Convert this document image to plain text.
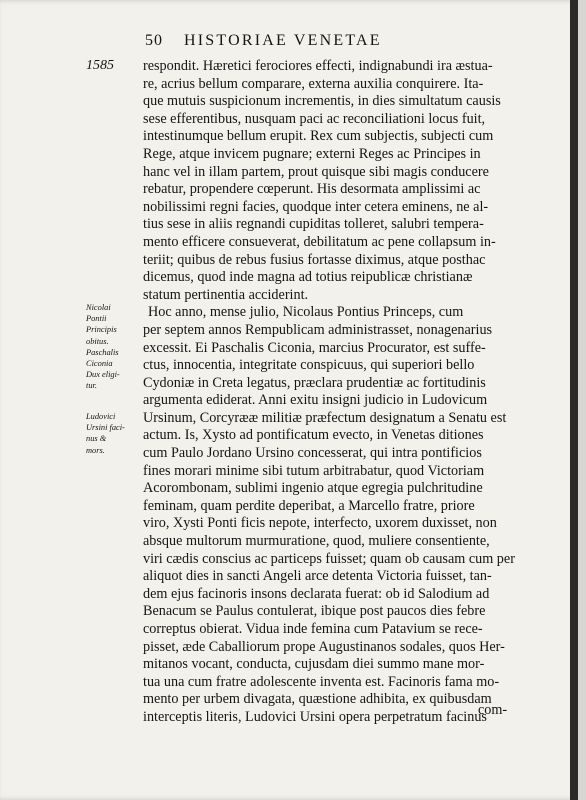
50 HISTORIAE VENETAE
1585 respondit. Hæretici ferociores effecti, indignabundi ira æstua-
re, acrius bellum comparare, externa auxilia conquirere. Ita-
que mutuis suspicionum incrementis, in dies simultatum causis
sese efferentibus, nusquam paci ac reconciliationi locus fuit,
intestinumque bellum erupit. Rex cum subjectis, subjecti cum
Rege, atque invicem pugnare; externi Reges ac Principes in
hanc vel in illam partem, prout quisque sibi magis conducere
rebatur, propendere cœperunt. His desormata amplissimi ac
nobilissimi regni facies, quodque inter cetera eminens, ne al-
tius sese in aliis regnandi cupiditas tolleret, salubri tempera-
mento efficere consueverat, debilitatum ac pene collapsum in-
teriit; quibus de rebus fusius fortasse diximus, atque posthac
dicemus, quod inde magna ad totius reipublicæ christianæ
statum pertinentia acciderint.
Hoc anno, mense julio, Nicolaus Pontius Princeps, cum
per septem annos Rempublicam administrasset, nonagenarius
excessit. Ei Paschalis Ciconia, marcius Procurator, est suffe-
ctus, innocentia, integritate conspicuus, qui superiori bello
Cydoniæ in Creta legatus, præclara prudentiæ ac fortitudinis
argumenta ediderat. Anni exitu insigni judicio in Ludovicum
Ursinum, Corcyrææ militiæ præfectum designatum a Senatu est
actum. Is, Xysto ad pontificatum evecto, in Venetas ditiones
cum Paulo Jordano Ursino concesserat, qui intra pontificios
fines morari minime sibi tutum arbitrabatur, quod Victoriam
Acorombonam, sublimi ingenio atque egregia pulchritudine
feminam, quam perdite deperibat, a Marcello fratre, priore
viro, Xysti Ponti ficis nepote, interfecto, uxorem duxisset, non
absque multorum murmuratione, quod, muliere consentiente,
viri cædis conscius ac particeps fuisset; quam ob causam cum per
aliquot dies in sancti Angeli arce detenta Victoria fuisset, tan-
dem ejus facinoris insons declarata fuerat: ob id Salodium ad
Benacum se Paulus contulerat, ibique post paucos dies febre
correptus obierat. Vidua inde femina cum Patavium se rece-
pisset, æde Caballiorum prope Augustinanos sodales, quos Her-
mitanos vocant, conducta, cujusdam diei summo mane mor-
tua una cum fratre adolescente inventa est. Facinoris fama mo-
mento per urbem divagata, quæstione adhibita, ex quibusdam
interceptis literis, Ludovici Ursini opera perpetratum facinus
Nicolai
Pontii
Principis
obitus.
Paschalis
Ciconia
Dux eligi-
tur.
Ludovici
Ursini faci-
nus &
mors.
com-
